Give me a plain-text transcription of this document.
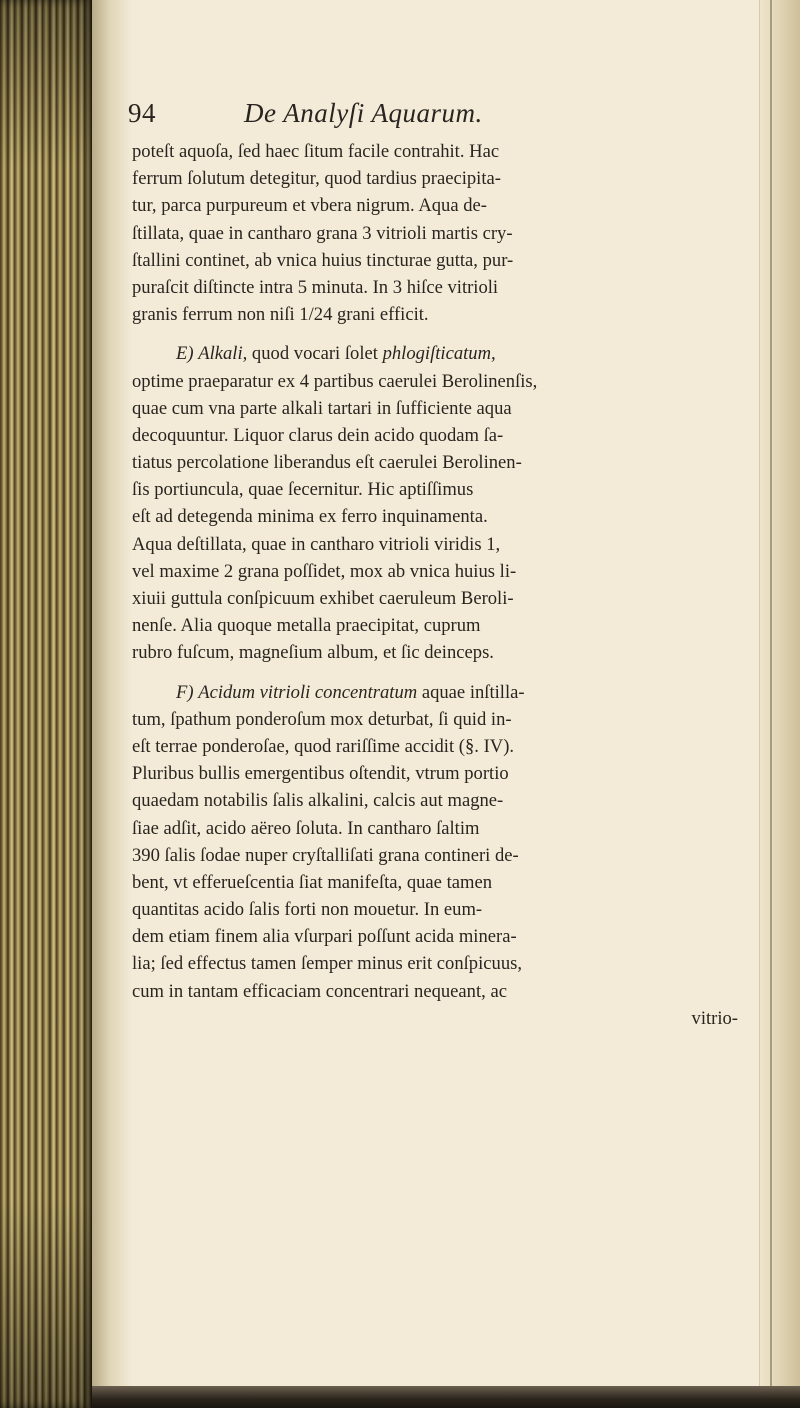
94	De Analyſi Aquarum.
poteſt aquoſa, ſed haec ſitum facile contrahit. Hac
ferrum ſolutum detegitur, quod tardius praecipita-
tur, parca purpureum et vbera nigrum. Aqua de-
ſtillata, quae in cantharo grana 3 vitrioli martis cry-
ſtallini continet, ab vnica huius tincturae gutta, pur-
puraſcit diſtincte intra 5 minuta. In 3 hiſce vitrioli
granis ferrum non niſi 1/24 grani efficit.
E) Alkali, quod vocari ſolet phlogiſticatum,
optime praeparatur ex 4 partibus caerulei Berolinenſis,
quae cum vna parte alkali tartari in ſufficiente aqua
decoquuntur. Liquor clarus dein acido quodam ſa-
tiatus percolatione liberandus eſt caerulei Berolinen-
ſis portiuncula, quae ſecernitur. Hic aptiſſimus
eſt ad detegenda minima ex ferro inquinamenta.
Aqua deſtillata, quae in cantharo vitrioli viridis 1,
vel maxime 2 grana poſſidet, mox ab vnica huius li-
xiuii guttula conſpicuum exhibet caeruleum Beroli-
nenſe. Alia quoque metalla praecipitat, cuprum
rubro fuſcum, magneſium album, et ſic deinceps.
F) Acidum vitrioli concentratum aquae inſtilla-
tum, ſpathum ponderoſum mox deturbat, ſi quid in-
eſt terrae ponderoſae, quod rariſſime accidit (§. IV).
Pluribus bullis emergentibus oſtendit, vtrum portio
quaedam notabilis ſalis alkalini, calcis aut magne-
ſiae adſit, acido aëreo ſoluta. In cantharo ſaltim
390 ſalis ſodae nuper cryſtalliſati grana contineri de-
bent, vt efferueſcentia ſiat manifeſta, quae tamen
quantitas acido ſalis forti non mouetur. In eum-
dem etiam finem alia vſurpari poſſunt acida minera-
lia; ſed effectus tamen ſemper minus erit conſpicuus,
cum in tantam efficaciam concentrari nequeant, ac
vitrio-
